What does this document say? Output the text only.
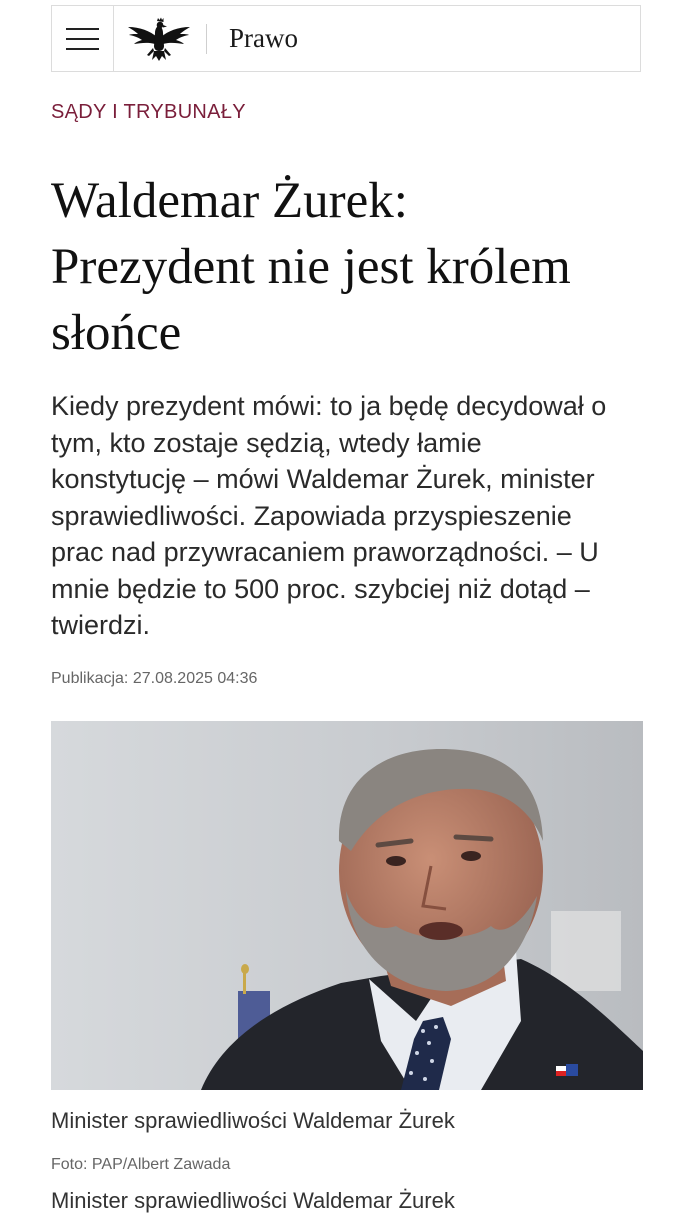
Prawo
SĄDY I TRYBUNAŁY
Waldemar Żurek:
Prezydent nie jest królem
słońce

Kiedy prezydent mówi: to ja będę decydował o
tym, kto zostaje sędzią, wtedy łamie
konstytucję – mówi Waldemar Żurek, minister
sprawiedliwości. Zapowiada przyspieszenie
prac nad przywracaniem praworządności. – U
mnie będzie to 500 proc. szybciej niż dotąd –
twierdzi.

Publikacja: 27.08.2025 04:36
Minister sprawiedliwości Waldemar Żurek
Foto: PAP/Albert Zawada
Minister sprawiedliwości Waldemar Żurek
